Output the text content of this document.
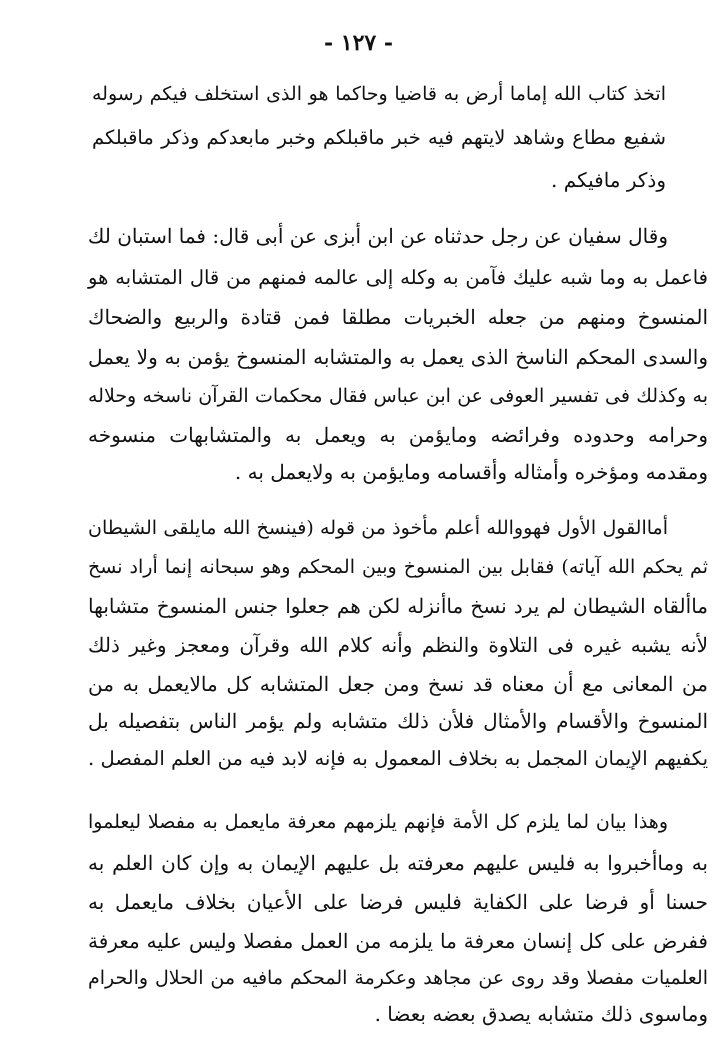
- ١٢٧ -
اتخذ كتاب الله إماما أرض به قاضيا وحاكما هو الذى استخلف فيكم رسوله
شفيع مطاع وشاهد لايتهم فيه خبر ماقبلكم وخبر مابعدكم وذكر ماقبلكم
وذكر مافيكم .
وقال سفيان عن رجل حدثناه عن ابن أبزى عن أبى قال: فما استبان لك
فاعمل به وما شبه عليك فآمن به وكله إلى عالمه فمنهم من قال المتشابه هو
المنسوخ ومنهم من جعله الخبريات مطلقا فمن قتادة والربيع والضحاك
والسدى المحكم الناسخ الذى يعمل به والمتشابه المنسوخ يؤمن به ولا يعمل
به وكذلك فى تفسير العوفى عن ابن عباس فقال محكمات القرآن ناسخه وحلاله
وحرامه وحدوده وفرائضه ومايؤمن به ويعمل به والمتشابهات منسوخه
ومقدمه ومؤخره وأمثاله وأقسامه ومايؤمن به ولايعمل به .
أماالقول الأول فهووالله أعلم مأخوذ من قوله (فينسخ الله مايلقى الشيطان
ثم يحكم الله آياته) فقابل بين المنسوخ وبين المحكم وهو سبحانه إنما أراد نسخ
ماألقاه الشيطان لم يرد نسخ ماأنزله لكن هم جعلوا جنس المنسوخ متشابها
لأنه يشبه غيره فى التلاوة والنظم وأنه كلام الله وقرآن ومعجز وغير ذلك
من المعانى مع أن معناه قد نسخ ومن جعل المتشابه كل مالايعمل به من
المنسوخ والأقسام والأمثال فلأن ذلك متشابه ولم يؤمر الناس بتفصيله بل
يكفيهم الإيمان المجمل به بخلاف المعمول به فإنه لابد فيه من العلم المفصل .
وهذا بيان لما يلزم كل الأمة فإنهم يلزمهم معرفة مايعمل به مفصلا ليعلموا
به وماأخبروا به فليس عليهم معرفته بل عليهم الإيمان به وإن كان العلم به
حسنا أو فرضا على الكفاية فليس فرضا على الأعيان بخلاف مايعمل به
ففرض على كل إنسان معرفة ما يلزمه من العمل مفصلا وليس عليه معرفة
العلميات مفصلا وقد روى عن مجاهد وعكرمة المحكم مافيه من الحلال والحرام
وماسوى ذلك متشابه يصدق بعضه بعضا .
